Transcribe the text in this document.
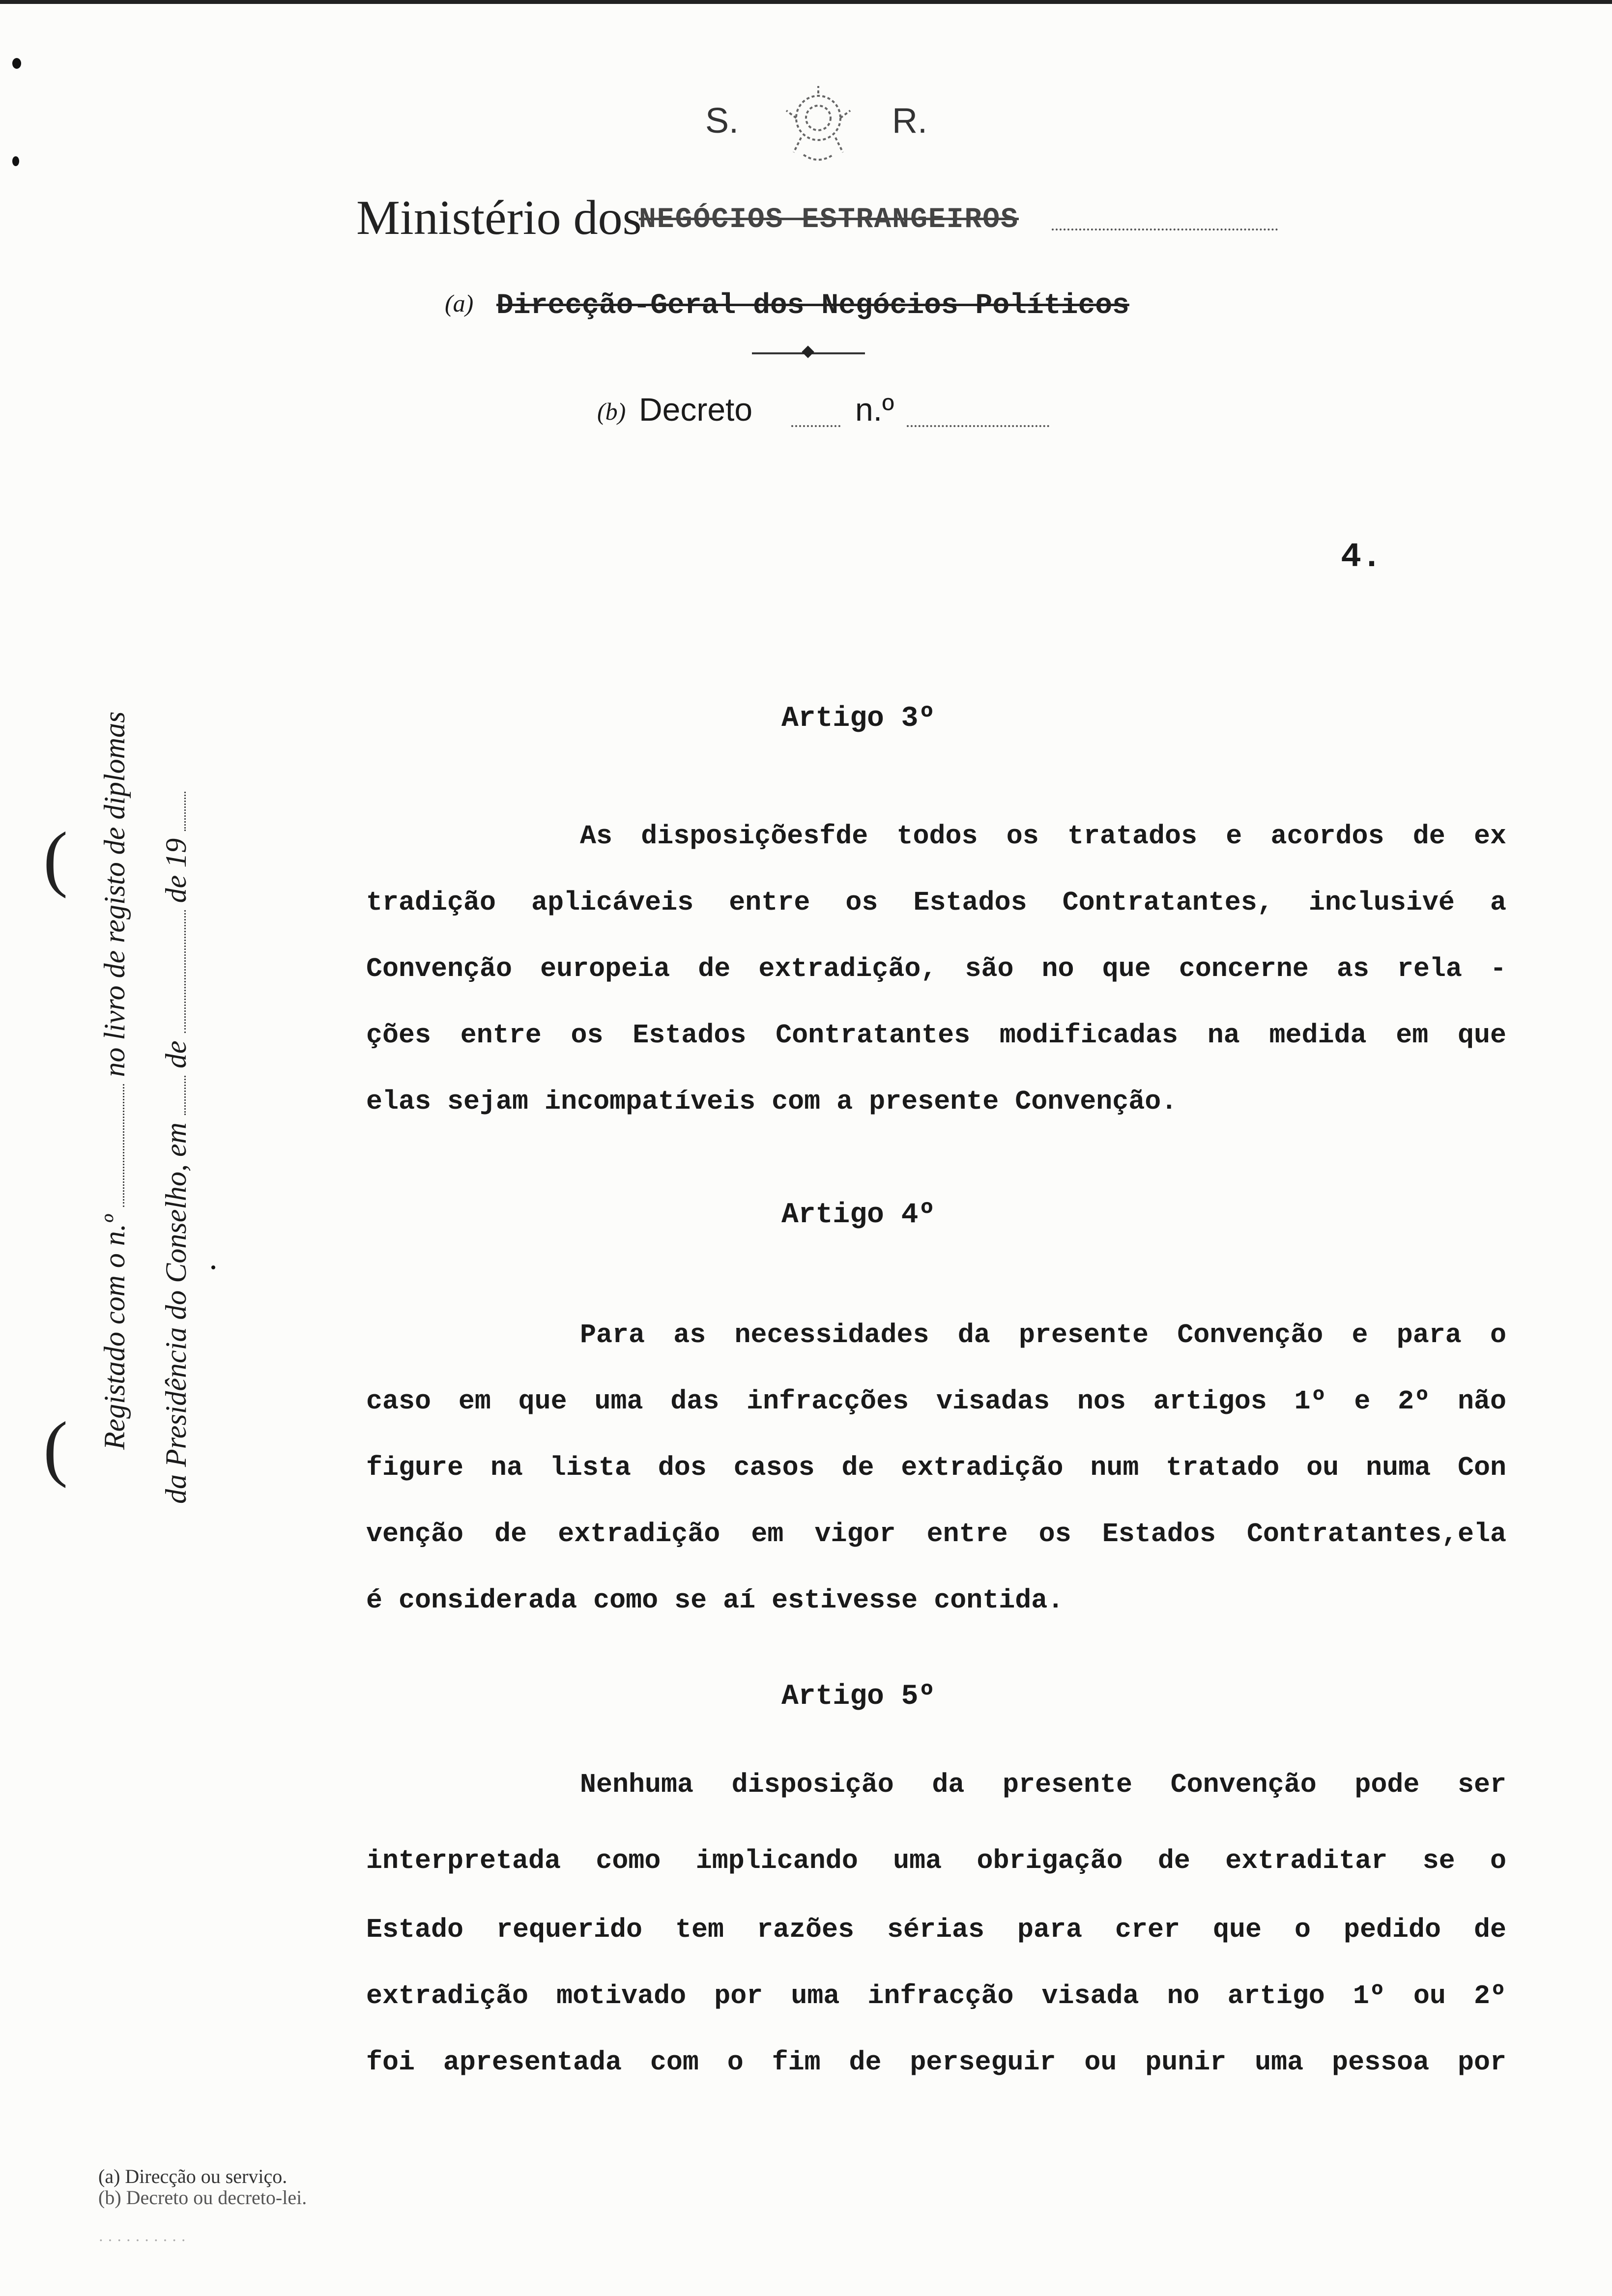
S.	R.
Ministério dos
NEGÓCIOS ESTRANGEIROS
(a) Direcção-Geral dos Negócios Políticos
(b) Decreto	n.º
4.
(
( Registado com o n.º  no livro de registo de diplomas
da Presidência do Conselho, em  de  de 19
Artigo 3º
As disposiçõesfde todos os tratados e acordos de ex
tradição aplicáveis entre os Estados Contratantes, inclusivé a
Convenção europeia de extradição, são no que concerne as rela -
ções entre os Estados Contratantes modificadas na medida em que
elas sejam incompatíveis com a presente Convenção.
Artigo 4º
Para as necessidades da presente Convenção e para o
caso em que uma das infracções visadas nos artigos 1º e 2º não
figure na lista dos casos de extradição num tratado ou numa Con
venção de extradição em vigor entre os Estados Contratantes,ela
é considerada como se aí estivesse contida.
Artigo 5º
Nenhuma disposição da presente Convenção pode ser
interpretada como implicando uma obrigação de extraditar se o
Estado requerido tem razões sérias para crer que o pedido de
extradição motivado por uma infracção visada no artigo 1º ou 2º
foi apresentada com o fim de perseguir ou punir uma pessoa por
(a) Direcção ou serviço.
(b) Decreto ou decreto-lei.
· · · · · · · · · ·
